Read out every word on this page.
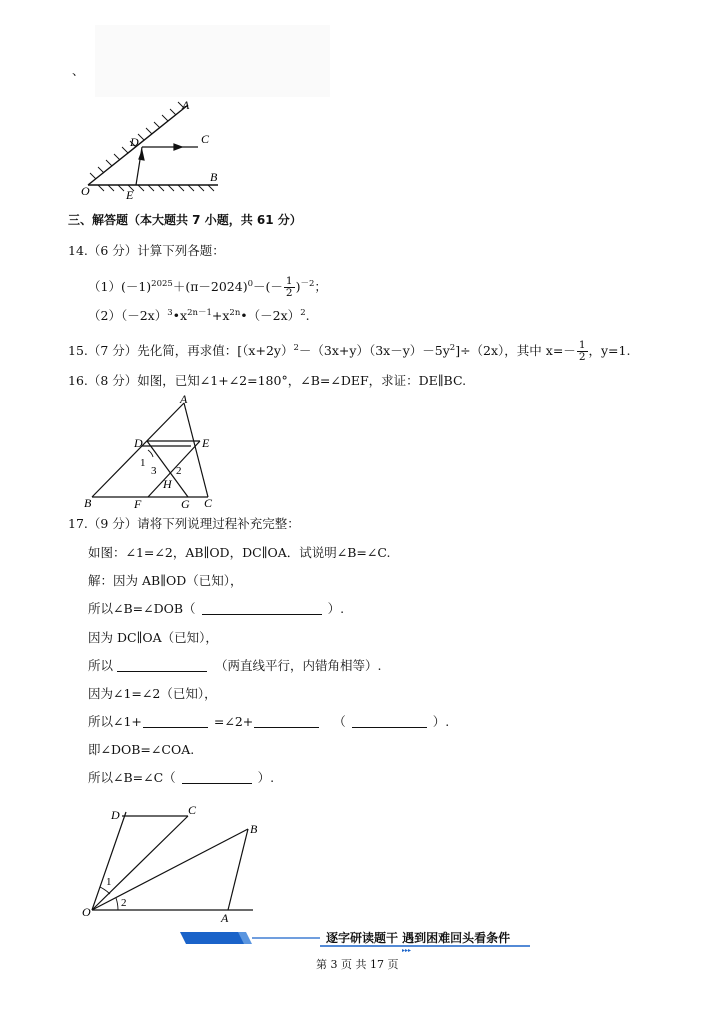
、
A
C
D
O	E
B
三、解答题（本大题共 7 小题，共 61 分）
14.（6 分）计算下列各题：
$(1)(-1)^{2025}+(\pi-2024)^0-(- \frac{1}{2} )^{-2}$；
$(2)(-2x)^3•x^{2n-1}+x^{2n}•(-2x)^2$.
15.（7 分）先化简，再求值：$[(x+2y)^2-(3x+y)(3x-y)-5y^2]\div(2x)$，其中 $x=- \frac{1}{2}$ ，y=1.
16.（8 分）如图，已知∠1+∠2=180°，∠B=∠DEF，求证：DE∥BC.
A
D	E
1
3 2
H
B	F	G C
17.（9 分）请将下列说理过程补充完整：
如图：∠1=∠2，AB∥OD，DC∥OA．试说明∠B=∠C.
解：因为 AB∥OD（已知），
所以∠B=∠DOB（	）.
因为 DC∥OA（已知），
所以	（两直线平行，内错角相等）.
因为∠1=∠2（已知），
所以∠1+	=∠2+	（	）.
即∠DOB=∠COA.
所以∠B=∠C（	）.
D	C
B
1
2
O	A
▸▸▸
逐字研读题干 遇到困难回头看条件
第 3 页 共 17 页
